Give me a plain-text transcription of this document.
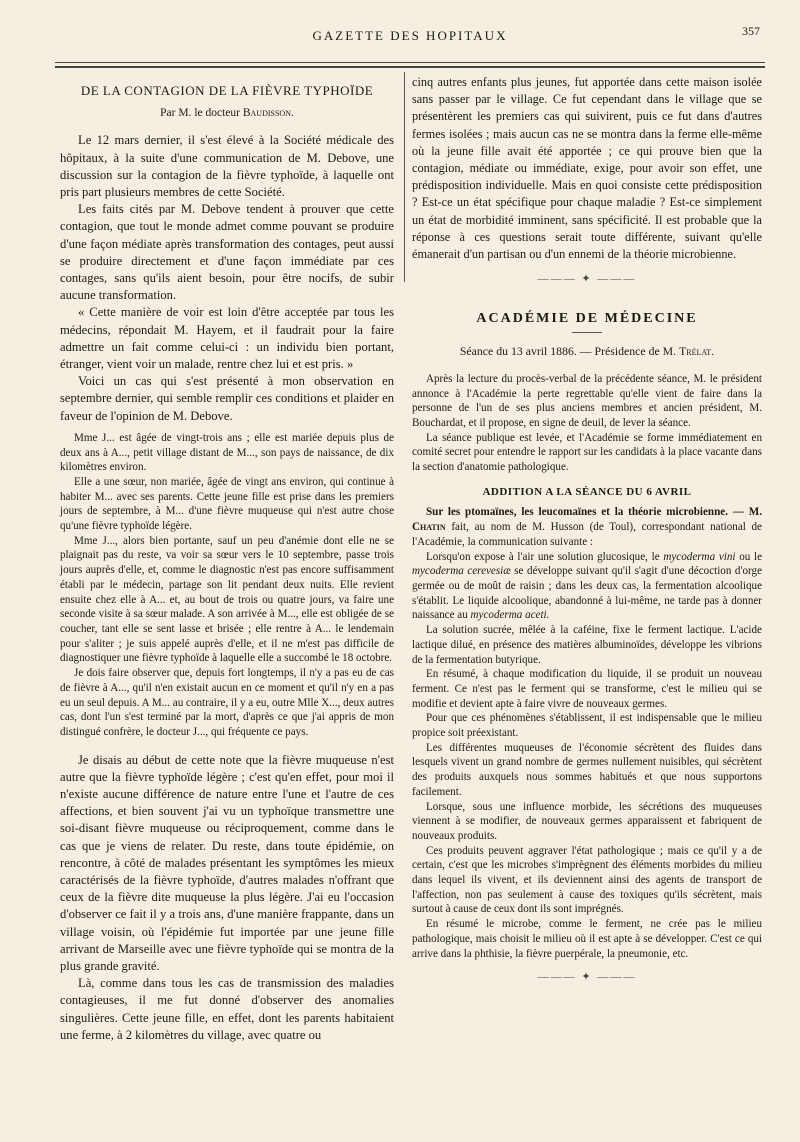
GAZETTE DES HOPITAUX	357
DE LA CONTAGION DE LA FIÈVRE TYPHOÏDE
Par M. le docteur Baudisson.

Le 12 mars dernier, il s'est élevé à la Société médicale des hôpitaux, à la suite d'une communication de M. Debove, une discussion sur la contagion de la fièvre typhoïde, à laquelle ont pris part plusieurs membres de cette Société.

Les faits cités par M. Debove tendent à prouver que cette contagion, que tout le monde admet comme pouvant se produire d'une façon médiate après transformation des contages, peut aussi se produire directement et d'une façon immédiate par ces contages, sans qu'ils aient besoin, pour être nocifs, de subir aucune transformation.

« Cette manière de voir est loin d'être acceptée par tous les médecins, répondait M. Hayem, et il faudrait pour la faire admettre un fait comme celui-ci : un individu bien portant, étranger, vient voir un malade, rentre chez lui et est pris. »

Voici un cas qui s'est présenté à mon observation en septembre dernier, qui semble remplir ces conditions et plaider en faveur de l'opinion de M. Debove.

Mme J... est âgée de vingt-trois ans ; elle est mariée depuis plus de deux ans à A..., petit village distant de M..., son pays de naissance, de dix kilomètres environ.

Elle a une sœur, non mariée, âgée de vingt ans environ, qui continue à habiter M... avec ses parents. Cette jeune fille est prise dans les premiers jours de septembre, à M... d'une fièvre muqueuse qui n'est autre chose qu'une fièvre typhoïde légère.

Mme J..., alors bien portante, sauf un peu d'anémie dont elle ne se plaignait pas du reste, va voir sa sœur vers le 10 septembre, passe trois jours auprès d'elle, et, comme le diagnostic n'est pas encore suffisamment établi par le médecin, partage son lit pendant deux nuits. Elle revient ensuite chez elle à A... et, au bout de trois ou quatre jours, va faire une seconde visite à sa sœur malade. A son arrivée à M..., elle est obligée de se coucher, tant elle se sent lasse et brisée ; elle rentre à A... le lendemain pour s'aliter ; je suis appelé auprès d'elle, et il ne m'est pas difficile de diagnostiquer une fièvre typhoïde à laquelle elle a succombé le 18 octobre.

Je dois faire observer que, depuis fort longtemps, il n'y a pas eu de cas de fièvre à A..., qu'il n'en existait aucun en ce moment et qu'il n'y en a pas eu un seul depuis. A M... au contraire, il y a eu, outre Mlle X..., deux autres cas, dont l'un s'est terminé par la mort, d'après ce que j'ai appris de mon distingué confrère, le docteur J..., qui fréquente ce pays.

Je disais au début de cette note que la fièvre muqueuse n'est autre que la fièvre typhoïde légère ; c'est qu'en effet, pour moi il n'existe aucune différence de nature entre l'une et l'autre de ces affections, et bien souvent j'ai vu un typhoïque transmettre une soi-disant fièvre muqueuse ou réciproquement, comme dans le cas que je viens de relater. Du reste, dans toute épidémie, on rencontre, à côté de malades présentant les symptômes les mieux caractérisés de la fièvre typhoïde, d'autres malades n'offrant que ceux de la fièvre dite muqueuse la plus légère. J'ai eu l'occasion d'observer ce fait il y a trois ans, d'une manière frappante, dans un village voisin, où l'épidémie fut importée par une jeune fille arrivant de Marseille avec une fièvre typhoïde qui se montra de la plus grande gravité.

Là, comme dans tous les cas de transmission des maladies contagieuses, il me fut donné d'observer des anomalies singulières. Cette jeune fille, en effet, dont les parents habitaient une ferme, à 2 kilomètres du village, avec quatre ou

cinq autres enfants plus jeunes, fut apportée dans cette maison isolée sans passer par le village. Ce fut cependant dans le village que se présentèrent les premiers cas qui suivirent, puis ce fut dans d'autres fermes isolées ; mais aucun cas ne se montra dans la ferme elle-même où la jeune fille avait été apportée ; ce qui prouve bien que la contagion, médiate ou immédiate, exige, pour avoir son effet, une prédisposition individuelle. Mais en quoi consiste cette prédisposition ? Est-ce un état spécifique pour chaque maladie ? Est-ce simplement un état de morbidité imminent, sans spécificité. Il est probable que la réponse à ces questions serait toute différente, suivant qu'elle émanerait d'un partisan ou d'un ennemi de la théorie microbienne.

——— ✦ ———
ACADÉMIE DE MÉDECINE
Séance du 13 avril 1886. — Présidence de M. Trélat.

Après la lecture du procès-verbal de la précédente séance, M. le président annonce à l'Académie la perte regrettable qu'elle vient de faire dans la personne de l'un de ses plus anciens membres et ancien président, M. Bouchardat, et il propose, en signe de deuil, de lever la séance.

La séance publique est levée, et l'Académie se forme immédiatement en comité secret pour entendre le rapport sur les candidats à la place vacante dans la section d'anatomie pathologique.

ADDITION A LA SÉANCE DU 6 AVRIL

Sur les ptomaïnes, les leucomaïnes et la théorie microbienne. — M. Chatin fait, au nom de M. Husson (de Toul), correspondant national de l'Académie, la communication suivante :

Lorsqu'on expose à l'air une solution glucosique, le mycoderma vini ou le mycoderma cerevesiæ se développe suivant qu'il s'agit d'une décoction d'orge germée ou de moût de raisin ; dans les deux cas, la fermentation alcoolique s'établit. Le liquide alcoolique, abandonné à lui-même, ne tarde pas à donner naissance au mycoderma aceti.

La solution sucrée, mêlée à la caféine, fixe le ferment lactique. L'acide lactique dilué, en présence des matières albuminoïdes, développe les vibrions de la fermentation butyrique.

En résumé, à chaque modification du liquide, il se produit un nouveau ferment. Ce n'est pas le ferment qui se transforme, c'est le milieu qui se modifie et devient apte à faire vivre de nouveaux germes.

Pour que ces phénomènes s'établissent, il est indispensable que le milieu propice soit préexistant.

Les différentes muqueuses de l'économie sécrètent des fluides dans lesquels vivent un grand nombre de germes nullement nuisibles, qui sécrètent des produits auxquels nous sommes habitués et que nous supportons facilement.

Lorsque, sous une influence morbide, les sécrétions des muqueuses viennent à se modifier, de nouveaux germes apparaissent et fabriquent de nouveaux produits.

Ces produits peuvent aggraver l'état pathologique ; mais ce qu'il y a de certain, c'est que les microbes s'imprègnent des éléments morbides du milieu dans lequel ils vivent, et ils deviennent ainsi des agents de transport de l'affection, non pas seulement à cause des toxiques qu'ils sécrètent, mais surtout à cause de ceux dont ils sont imprégnés.

En résumé le microbe, comme le ferment, ne crée pas le milieu pathologique, mais choisit le milieu où il est apte à se développer. C'est ce qui arrive dans la phthisie, la fièvre puerpérale, la pneumonie, etc.

——— ✦ ———
